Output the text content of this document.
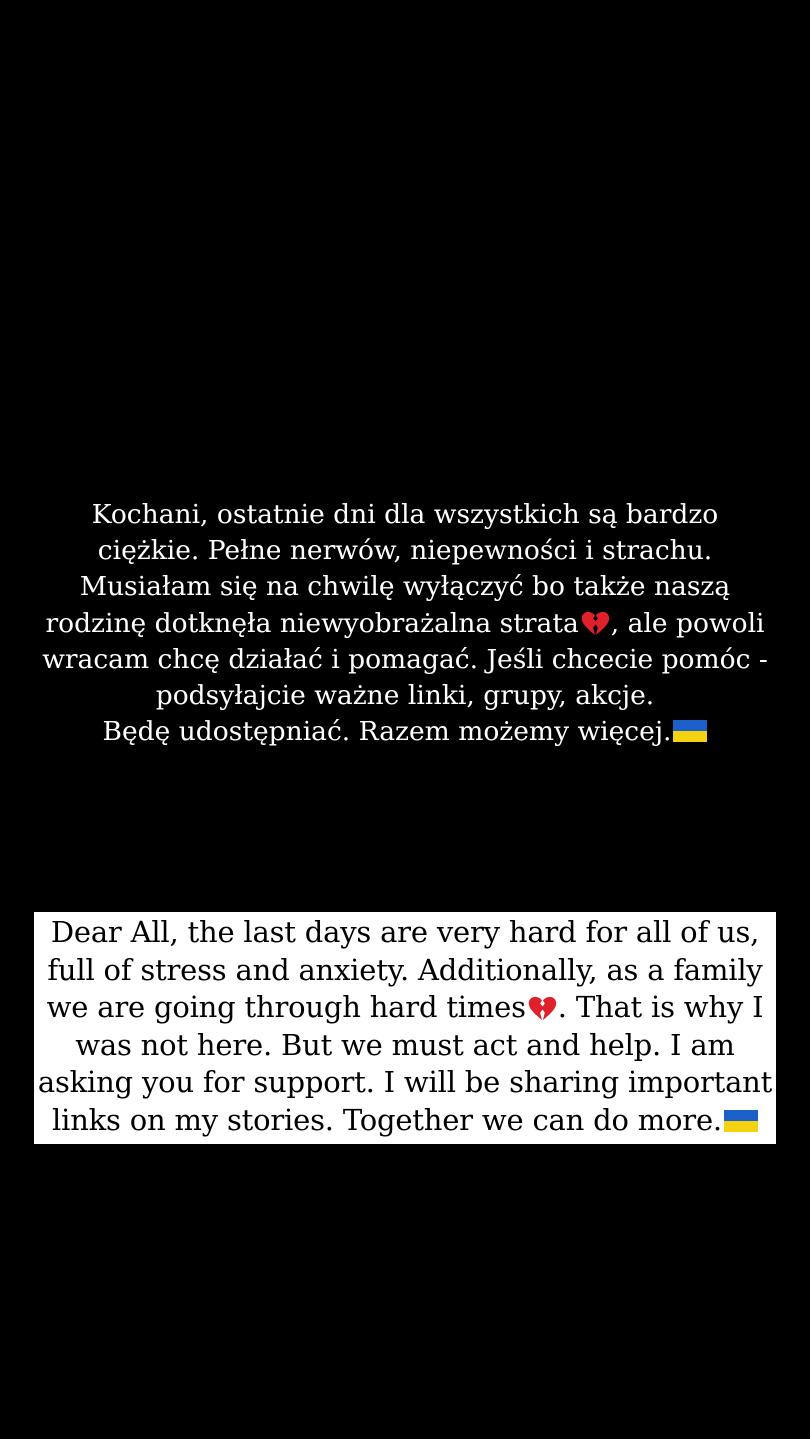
Kochani, ostatnie dni dla wszystkich są bardzo
ciężkie. Pełne nerwów, niepewności i strachu.
Musiałam się na chwilę wyłączyć bo także naszą
rodzinę dotknęła niewyobrażalna strata , ale powoli
wracam chcę działać i pomagać. Jeśli chcecie pomóc -
podsyłajcie ważne linki, grupy, akcje.
Będę udostępniać. Razem możemy więcej.
Dear All, the last days are very hard for all of us,
full of stress and anxiety. Additionally, as a family
we are going through hard times . That is why I
was not here. But we must act and help. I am
asking you for support. I will be sharing important
links on my stories. Together we can do more.
